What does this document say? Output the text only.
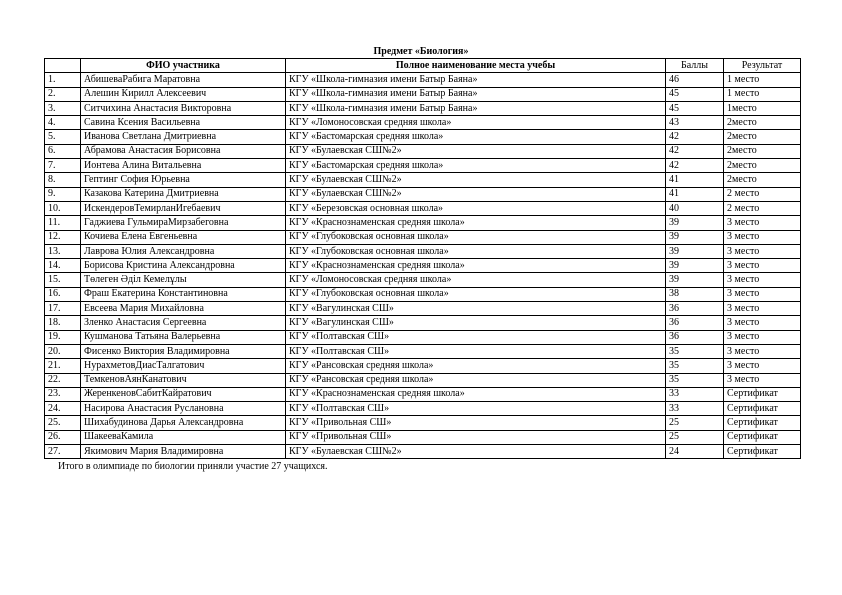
Предмет «Биология»
	ФИО участника	Полное наименование места учебы	Баллы	Результат
1.	АбишеваРабига Маратовна	КГУ «Школа-гимназия имени Батыр Баяна»	46	1 место
2.	Алешин Кирилл Алексеевич	КГУ «Школа-гимназия имени Батыр Баяна»	45	1 место
3.	Ситчихина Анастасия Викторовна	КГУ «Школа-гимназия имени Батыр Баяна»	45	1место
4.	Савина Ксения Васильевна	КГУ «Ломоносовская средняя школа»	43	2место
5.	Иванова Светлана Дмитриевна	КГУ «Бастомарская средняя школа»	42	2место
6.	Абрамова Анастасия Борисовна	КГУ «Булаевская СШ№2»	42	2место
7.	Ионтева Алина Витальевна	КГУ «Бастомарская средняя школа»	42	2место
8.	Гептинг София Юрьевна	КГУ «Булаевская СШ№2»	41	2место
9.	Казакова Катерина Дмитриевна	КГУ «Булаевская СШ№2»	41	2 место
10.	ИскендеровТемирланИгебаевич	КГУ «Березовская основная школа»	40	2 место
11.	Гаджиева ГульмираМирзабеговна	КГУ «Краснознаменская средняя школа»	39	3 место
12.	Кочиева Елена Евгеньевна	КГУ «Глубоковская основная школа»	39	3 место
13.	Лаврова Юлия Александровна	КГУ «Глубоковская основная школа»	39	3 место
14.	Борисова Кристина Александровна	КГУ «Краснознаменская средняя школа»	39	3 место
15.	Төлеген Әділ Кемелұлы	КГУ «Ломоносовская средняя школа»	39	3 место
16.	Фраш Екатерина Константиновна	КГУ «Глубоковская основная школа»	38	3 место
17.	Евсеева Мария Михайловна	КГУ «Вагулинская СШ»	36	3 место
18.	Зленко Анастасия Сергеевна	КГУ «Вагулинская СШ»	36	3 место
19.	Кушманова Татьяна Валерьевна	КГУ «Полтавская СШ»	36	3 место
20.	Фисенко Виктория Владимировна	КГУ «Полтавская СШ»	35	3 место
21.	НурахметовДиасТалгатович	КГУ «Рансовская средняя школа»	35	3 место
22.	ТемкеновАянКанатович	КГУ «Рансовская средняя школа»	35	3 место
23.	ЖеренкеновСабитКайратович	КГУ «Краснознаменская средняя школа»	33	Сертификат
24.	Насирова Анастасия Руслановна	КГУ «Полтавская СШ»	33	Сертификат
25.	Шихабудинова Дарья Александровна	КГУ «Привольная СШ»	25	Сертификат
26.	ШакееваКамила	КГУ «Привольная СШ»	25	Сертификат
27.	Якимович Мария Владимировна	КГУ «Булаевская СШ№2»	24	Сертификат
Итого в олимпиаде по биологии приняли участие 27 учащихся.
